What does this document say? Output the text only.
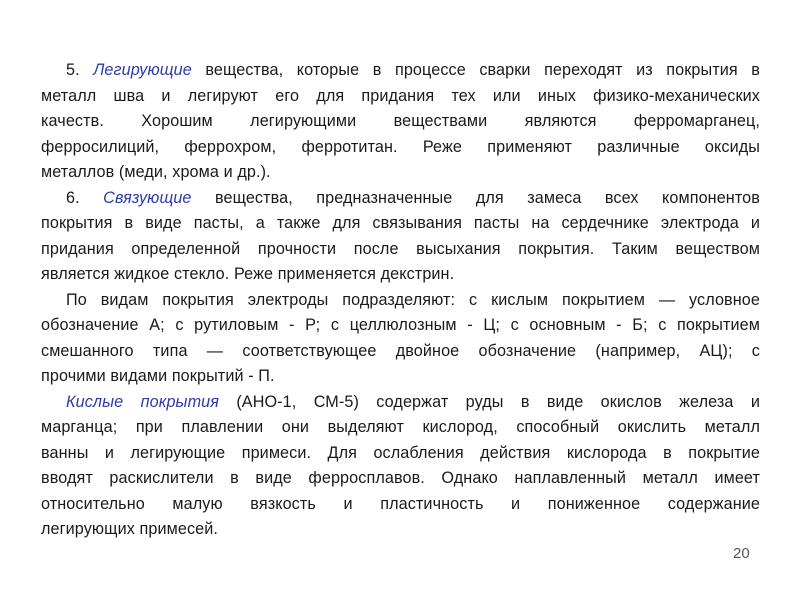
5. Легирующие вещества, которые в процессе сварки переходят из покрытия в
металл шва и легируют его для придания тех или иных физико-механических
качеств. Хорошим легирующими веществами являются ферромарганец,
ферросилиций, феррохром, ферротитан. Реже применяют различные оксиды
металлов (меди, хрома и др.).
6. Связующие вещества, предназначенные для замеса всех компонентов
покрытия в виде пасты, а также для связывания пасты на сердечнике электрода и
придания определенной прочности после высыхания покрытия. Таким веществом
является жидкое стекло. Реже применяется декстрин.
По видам покрытия электроды подразделяют: с кислым покрытием — условное
обозначение А; с рутиловым - Р; с целлюлозным - Ц; с основным - Б; с покрытием
смешанного типа — соответствующее двойное обозначение (например, АЦ); с
прочими видами покрытий - П.
Кислые покрытия (АНО-1, СМ-5) содержат руды в виде окислов железа и
марганца; при плавлении они выделяют кислород, способный окислить металл
ванны и легирующие примеси. Для ослабления действия кислорода в покрытие
вводят раскислители в виде ферросплавов. Однако наплавленный металл имеет
относительно малую вязкость и пластичность и пониженное содержание
легирующих примесей.
20
